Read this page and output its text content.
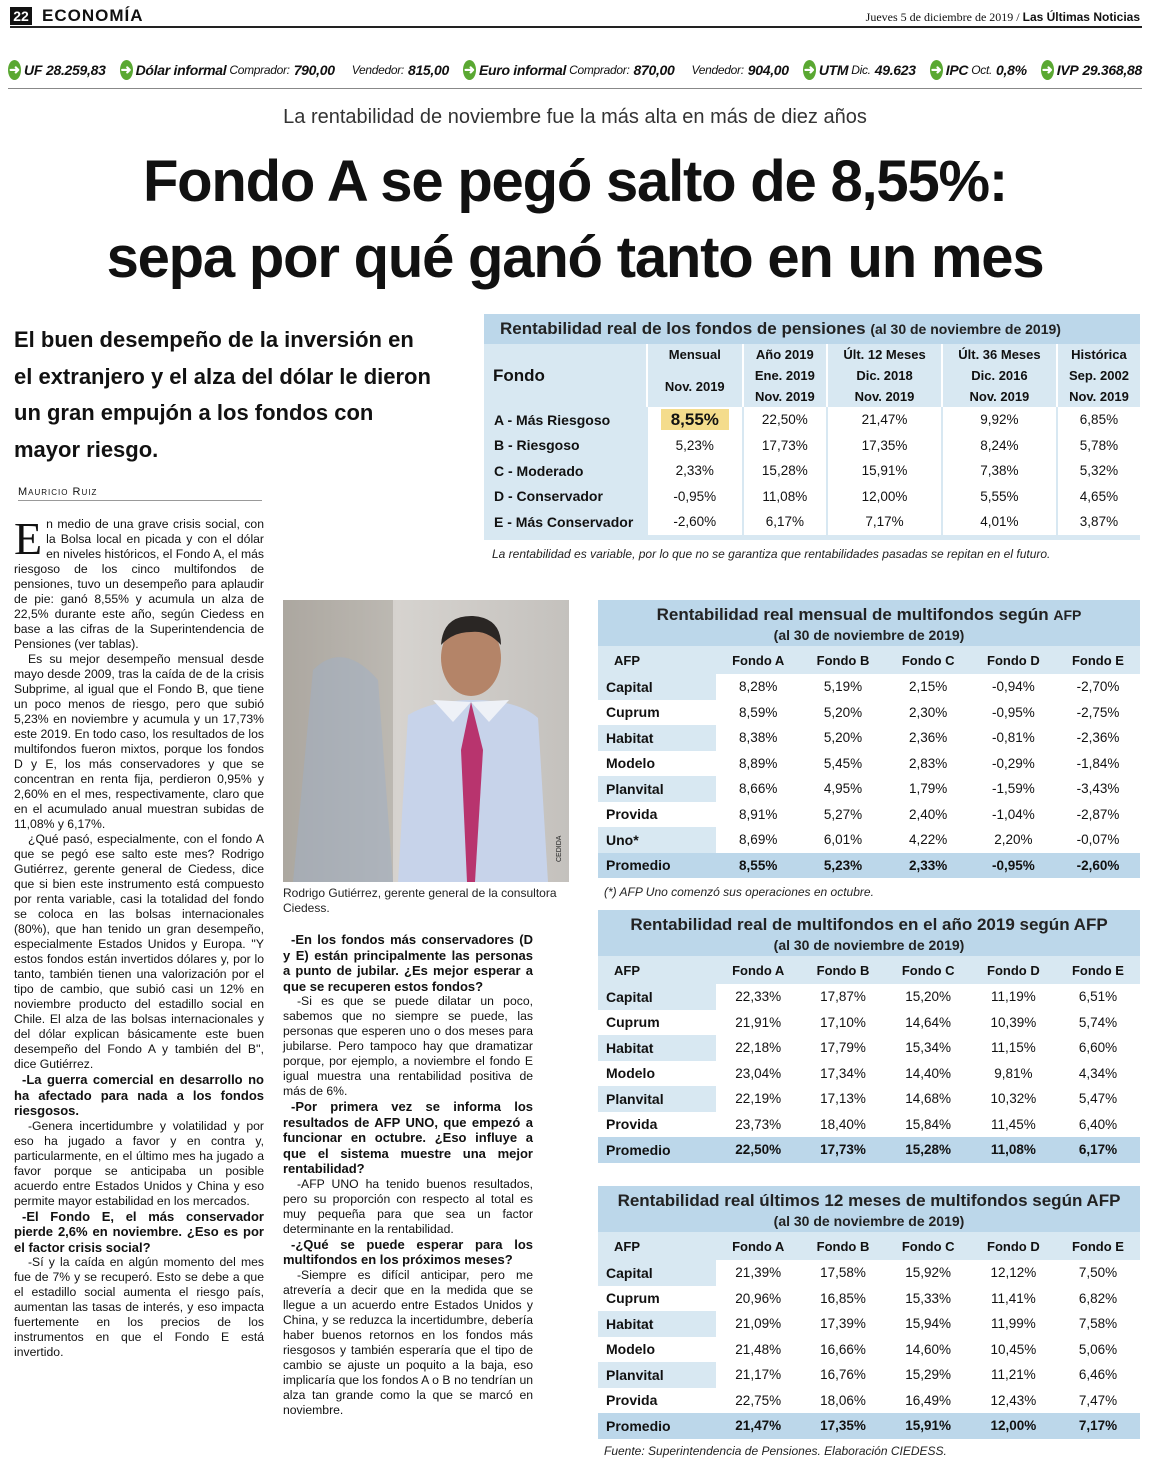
22 ECONOMÍA	Jueves 5 de diciembre de 2019 / Las Últimas Noticias
➜ UF
28.259,83 ➜ Dólar informal Comprador: 790,00 Vendedor: 815,00 ➜ Euro informal Comprador: 870,00 Vendedor: 904,00 ➜ UTM Dic. 49.623 ➜ IPC Oct. 0,8% ➜ IVP
29.368,88
La rentabilidad de noviembre fue la más alta en más de diez años
Fondo A se pegó salto de 8,55%:
sepa por qué ganó tanto en un mes
El buen desempeño de la inversión en el extranjero y el alza del dólar le dieron un gran empujón a los fondos con mayor riesgo.
Mauricio Ruiz

En medio de una grave crisis social, con la Bolsa local en picada y con el dólar en niveles históricos, el Fondo A, el más riesgoso de los cinco multifondos de pensiones, tuvo un desempeño para aplaudir de pie: ganó 8,55% y acumula un alza de 22,5% durante este año, según Ciedess en base a las cifras de la Superintendencia de Pensiones (ver tablas).

Es su mejor desempeño mensual desde mayo desde 2009, tras la caída de de la crisis Subprime, al igual que el Fondo B, que tiene un poco menos de riesgo, pero que subió 5,23% en noviembre y acumula y un 17,73% este 2019. En todo caso, los resultados de los multifondos fueron mixtos, porque los fondos D y E, los más conservadores y que se concentran en renta fija, perdieron 0,95% y 2,60% en el mes, respectivamente, claro que en el acumulado anual muestran subidas de 11,08% y 6,17%.

¿Qué pasó, especialmente, con el fondo A que se pegó ese salto este mes? Rodrigo Gutiérrez, gerente general de Ciedess, dice que si bien este instrumento está compuesto por renta variable, casi la totalidad del fondo se coloca en las bolsas internacionales (80%), que han tenido un gran desempeño, especialmente Estados Unidos y Europa. ''Y estos fondos están invertidos dólares y, por lo tanto, también tienen una valorización por el tipo de cambio, que subió casi un 12% en noviembre producto del estadillo social en Chile. El alza de las bolsas internacionales y del dólar explican básicamente este buen desempeño del Fondo A y también del B'', dice Gutiérrez.

-La guerra comercial en desarrollo no ha afectado para nada a los fondos riesgosos.

-Genera incertidumbre y volatilidad y por eso ha jugado a favor y en contra y, particularmente, en el último mes ha jugado a favor porque se anticipaba un posible acuerdo entre Estados Unidos y China y eso permite mayor estabilidad en los mercados.

-El Fondo E, el más conservador pierde 2,6% en noviembre. ¿Eso es por el factor crisis social?

-Sí y la caída en algún momento del mes fue de 7% y se recuperó. Esto se debe a que el estadillo social aumenta el riesgo país, aumentan las tasas de interés, y eso impacta fuertemente en los precios de los instrumentos en que el Fondo E está invertido.

CEDIDA
Rodrigo Gutiérrez, gerente general de la consultora Ciedess.

-En los fondos más conservadores (D y E) están principalmente las personas a punto de jubilar. ¿Es mejor esperar a que se recuperen estos fondos?

-Si es que se puede dilatar un poco, sabemos que no siempre se puede, las personas que esperen uno o dos meses para jubilarse. Pero tampoco hay que dramatizar porque, por ejemplo, a noviembre el fondo E igual muestra una rentabilidad positiva de más de 6%.

-Por primera vez se informa los resultados de AFP UNO, que empezó a funcionar en octubre. ¿Eso influye a que el sistema muestre una mejor rentabilidad?

-AFP UNO ha tenido buenos resultados, pero su proporción con respecto al total es muy pequeña para que sea un factor determinante en la rentabilidad.

-¿Qué se puede esperar para los multifondos en los próximos meses?

-Siempre es difícil anticipar, pero me atrevería a decir que en la medida que se llegue a un acuerdo entre Estados Unidos y China, y se reduzca la incertidumbre, debería haber buenos retornos en los fondos más riesgosos y también esperaría que el tipo de cambio se ajuste un poquito a la baja, eso implicaría que los fondos A o B no tendrían un alza tan grande como la que se marcó en noviembre.

Rentabilidad real de los fondos de pensiones (al 30 de noviembre de 2019)
Fondo	Mensual	Año 2019	Últ. 12 Meses	Últ. 36 Meses	Histórica
	Nov. 2019	Ene. 2019	Dic. 2018	Dic. 2016	Sep. 2002
		Nov. 2019	Nov. 2019	Nov. 2019	Nov. 2019
A - Más Riesgoso	8,55%	22,50%	21,47%	9,92%	6,85%
B - Riesgoso	5,23%	17,73%	17,35%	8,24%	5,78%
C - Moderado	2,33%	15,28%	15,91%	7,38%	5,32%
D - Conservador	-0,95%	11,08%	12,00%	5,55%	4,65%
E - Más Conservador	-2,60%	6,17%	7,17%	4,01%	3,87%
La rentabilidad es variable, por lo que no se garantiza que rentabilidades pasadas se repitan en el futuro.
Rentabilidad real mensual de multifondos según AFP
(al 30 de noviembre de 2019)
AFP	Fondo A	Fondo B	Fondo C	Fondo D	Fondo E
Capital	8,28%	5,19%	2,15%	-0,94%	-2,70%
Cuprum	8,59%	5,20%	2,30%	-0,95%	-2,75%
Habitat	8,38%	5,20%	2,36%	-0,81%	-2,36%
Modelo	8,89%	5,45%	2,83%	-0,29%	-1,84%
Planvital	8,66%	4,95%	1,79%	-1,59%	-3,43%
Provida	8,91%	5,27%	2,40%	-1,04%	-2,87%
Uno*	8,69%	6,01%	4,22%	2,20%	-0,07%
Promedio	8,55%	5,23%	2,33%	-0,95%	-2,60%
(*) AFP Uno comenzó sus operaciones en octubre.
Rentabilidad real de multifondos en el año 2019 según AFP
(al 30 de noviembre de 2019)
AFP	Fondo A	Fondo B	Fondo C	Fondo D	Fondo E
Capital	22,33%	17,87%	15,20%	11,19%	6,51%
Cuprum	21,91%	17,10%	14,64%	10,39%	5,74%
Habitat	22,18%	17,79%	15,34%	11,15%	6,60%
Modelo	23,04%	17,34%	14,40%	9,81%	4,34%
Planvital	22,19%	17,13%	14,68%	10,32%	5,47%
Provida	23,73%	18,40%	15,84%	11,45%	6,40%
Promedio	22,50%	17,73%	15,28%	11,08%	6,17%
Rentabilidad real últimos 12 meses de multifondos según AFP
(al 30 de noviembre de 2019)
AFP	Fondo A	Fondo B	Fondo C	Fondo D	Fondo E
Capital	21,39%	17,58%	15,92%	12,12%	7,50%
Cuprum	20,96%	16,85%	15,33%	11,41%	6,82%
Habitat	21,09%	17,39%	15,94%	11,99%	7,58%
Modelo	21,48%	16,66%	14,60%	10,45%	5,06%
Planvital	21,17%	16,76%	15,29%	11,21%	6,46%
Provida	22,75%	18,06%	16,49%	12,43%	7,47%
Promedio	21,47%	17,35%	15,91%	12,00%	7,17%
Fuente: Superintendencia de Pensiones. Elaboración CIEDESS.
